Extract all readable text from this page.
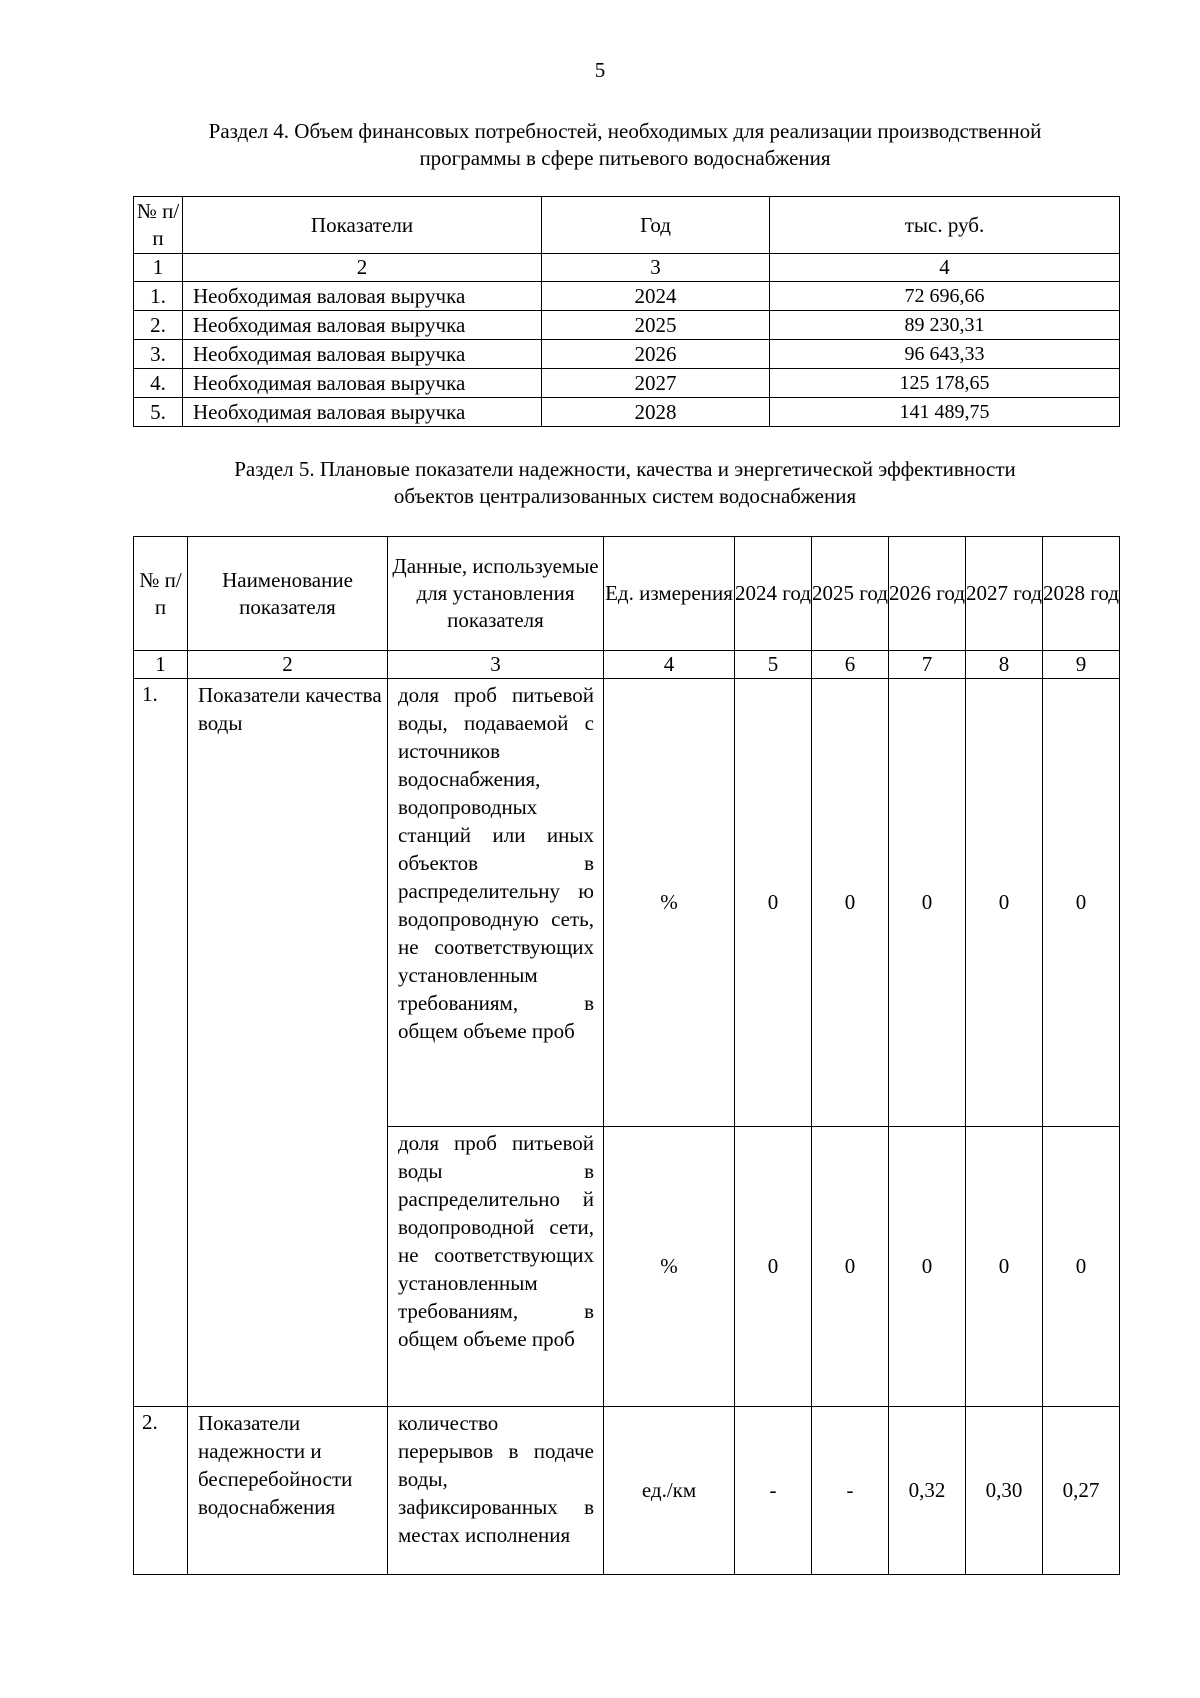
5
Раздел 4. Объем финансовых потребностей, необходимых для реализации производственной
программы в сфере питьевого водоснабжения
№ п/п	Показатели	Год	тыс. руб.
1	2	3	4
1.	Необходимая валовая выручка	2024	72 696,66
2.	Необходимая валовая выручка	2025	89 230,31
3.	Необходимая валовая выручка	2026	96 643,33
4.	Необходимая валовая выручка	2027	125 178,65
5.	Необходимая валовая выручка	2028	141 489,75
Раздел 5. Плановые показатели надежности, качества и энергетической эффективности
объектов централизованных систем водоснабжения
№ п/п	Наименование показателя	Данные, используемые для установления показателя	Ед. измерения	2024 год	2025 год	2026 год	2027 год	2028 год
1	2	3	4	5	6	7	8	9
1.	Показатели качества воды	доля проб питьевой воды, подаваемой с источников водоснабжения, водопроводных станций или иных объектов в распределительну ю водопроводную сеть, не соответствующих установленным требованиям, в общем объеме проб	%	0	0	0	0	0
		доля проб питьевой воды в распределительно й водопроводной сети, не соответствующих установленным требованиям, в общем объеме проб	%	0	0	0	0	0
2.	Показатели надежности и бесперебойности водоснабжения	количество перерывов в подаче воды, зафиксированных в местах исполнения	ед./км	-	-	0,32	0,30	0,27
